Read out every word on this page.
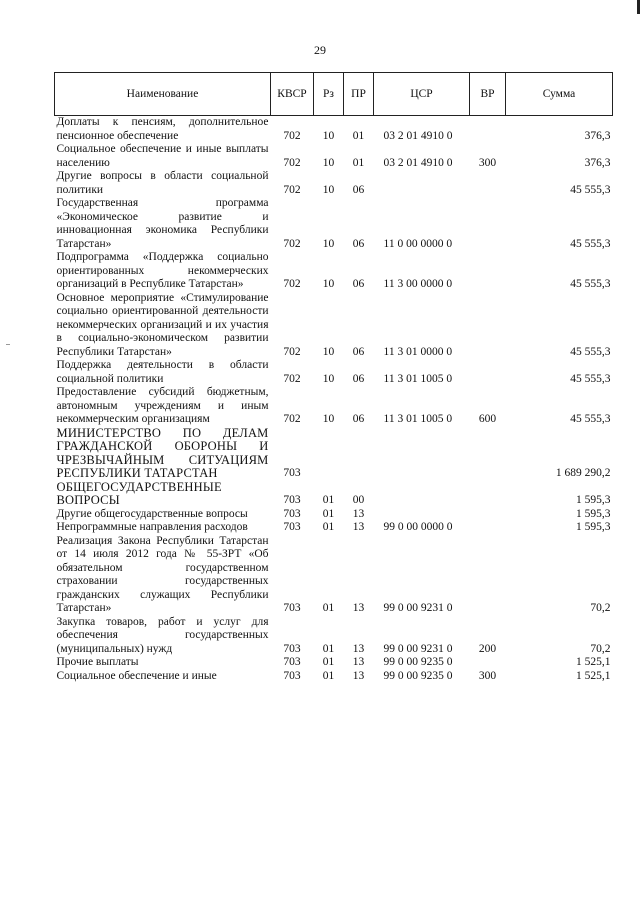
29
Наименование	КВСР	Рз	ПР	ЦСР	ВР	Сумма
Доплаты к пенсиям, дополнительное пенсионное обеспечение	702	10	01	03 2 01 4910 0		376,3
Социальное обеспечение и иные выплаты населению	702	10	01	03 2 01 4910 0	300	376,3
Другие вопросы в области социальной политики	702	10	06			45 555,3
Государственная программа «Экономическое развитие и инновационная экономика Республики Татарстан»	702	10	06	11 0 00 0000 0		45 555,3
Подпрограмма «Поддержка социально ориентированных некоммерческих организаций в Республике Татарстан»	702	10	06	11 3 00 0000 0		45 555,3
Основное мероприятие «Стимулирование социально ориентированной деятельности некоммерческих организаций и их участия в социально-экономическом развитии Республики Татарстан»	702	10	06	11 3 01 0000 0		45 555,3
Поддержка деятельности в области социальной политики	702	10	06	11 3 01 1005 0		45 555,3
Предоставление субсидий бюджетным, автономным учреждениям и иным некоммерческим организациям	702	10	06	11 3 01 1005 0	600	45 555,3
МИНИСТЕРСТВО ПО ДЕЛАМ ГРАЖДАНСКОЙ ОБОРОНЫ И ЧРЕЗВЫЧАЙНЫМ СИТУАЦИЯМ РЕСПУБЛИКИ ТАТАРСТАН	703					1 689 290,2
ОБЩЕГОСУДАРСТВЕННЫЕ ВОПРОСЫ	703	01	00			1 595,3
Другие общегосударственные вопросы	703	01	13			1 595,3
Непрограммные направления расходов	703	01	13	99 0 00 0000 0		1 595,3
Реализация Закона Республики Татарстан от 14 июля 2012 года № 55-ЗРТ «Об обязательном государственном страховании государственных гражданских служащих Республики Татарстан»	703	01	13	99 0 00 9231 0		70,2
Закупка товаров, работ и услуг для обеспечения государственных (муниципальных) нужд	703	01	13	99 0 00 9231 0	200	70,2
Прочие выплаты	703	01	13	99 0 00 9235 0		1 525,1
Социальное обеспечение и иные	703	01	13	99 0 00 9235 0	300	1 525,1
